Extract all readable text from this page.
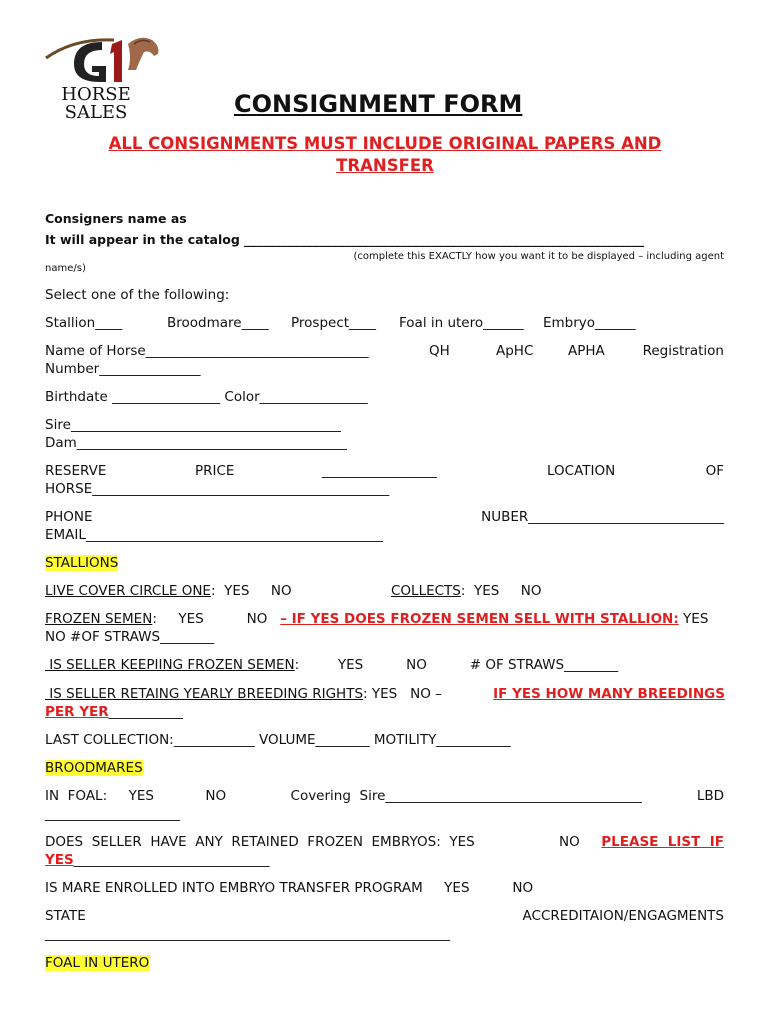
HORSE
SALES	CONSIGNMENT FORM
ALL CONSIGNMENTS MUST INCLUDE ORIGINAL PAPERS AND
TRANSFER
Consigners name as
It will appear in the catalog ________________________________________________________________
(complete this EXACTLY how you want it to be displayed – including agent
name/s)
Select one of the following:
Stallion____	Broodmare____ Prospect____ Foal in utero______ Embryo______
Name of Horse_________________________________	QH	ApHC	APHA	Registration
Number_______________
Birthdate ________________ Color________________
Sire________________________________________
Dam________________________________________
RESERVE	PRICE	_________________	LOCATION	OF
HORSE____________________________________________
PHONE	NUBER_____________________________
EMAIL____________________________________________
STALLIONS
LIVE COVER CIRCLE ONE:  YES     NO	COLLECTS:  YES     NO
FROZEN SEMEN:     YES          NO   – IF YES DOES FROZEN SEMEN SELL WITH STALLION: YES
NO #OF STRAWS________
IS SELLER KEEPIING FROZEN SEMEN:         YES          NO          # OF STRAWS________
IS SELLER RETAING YEARLY BREEDING RIGHTS: YES   NO –	IF YES HOW MANY BREEDINGS
PER YER___________
LAST COLLECTION:____________ VOLUME________ MOTILITY___________
BROODMARES
IN  FOAL:     YES            NO               Covering  Sire______________________________________	LBD
____________________
DOES  SELLER  HAVE  ANY  RETAINED  FROZEN  EMBRYOS:  YES	NO PLEASE  LIST  IF
YES_____________________________
IS MARE ENROLLED INTO EMBRYO TRANSFER PROGRAM     YES          NO
STATE	ACCREDITAION/ENGAGMENTS
____________________________________________________________
FOAL IN UTERO
